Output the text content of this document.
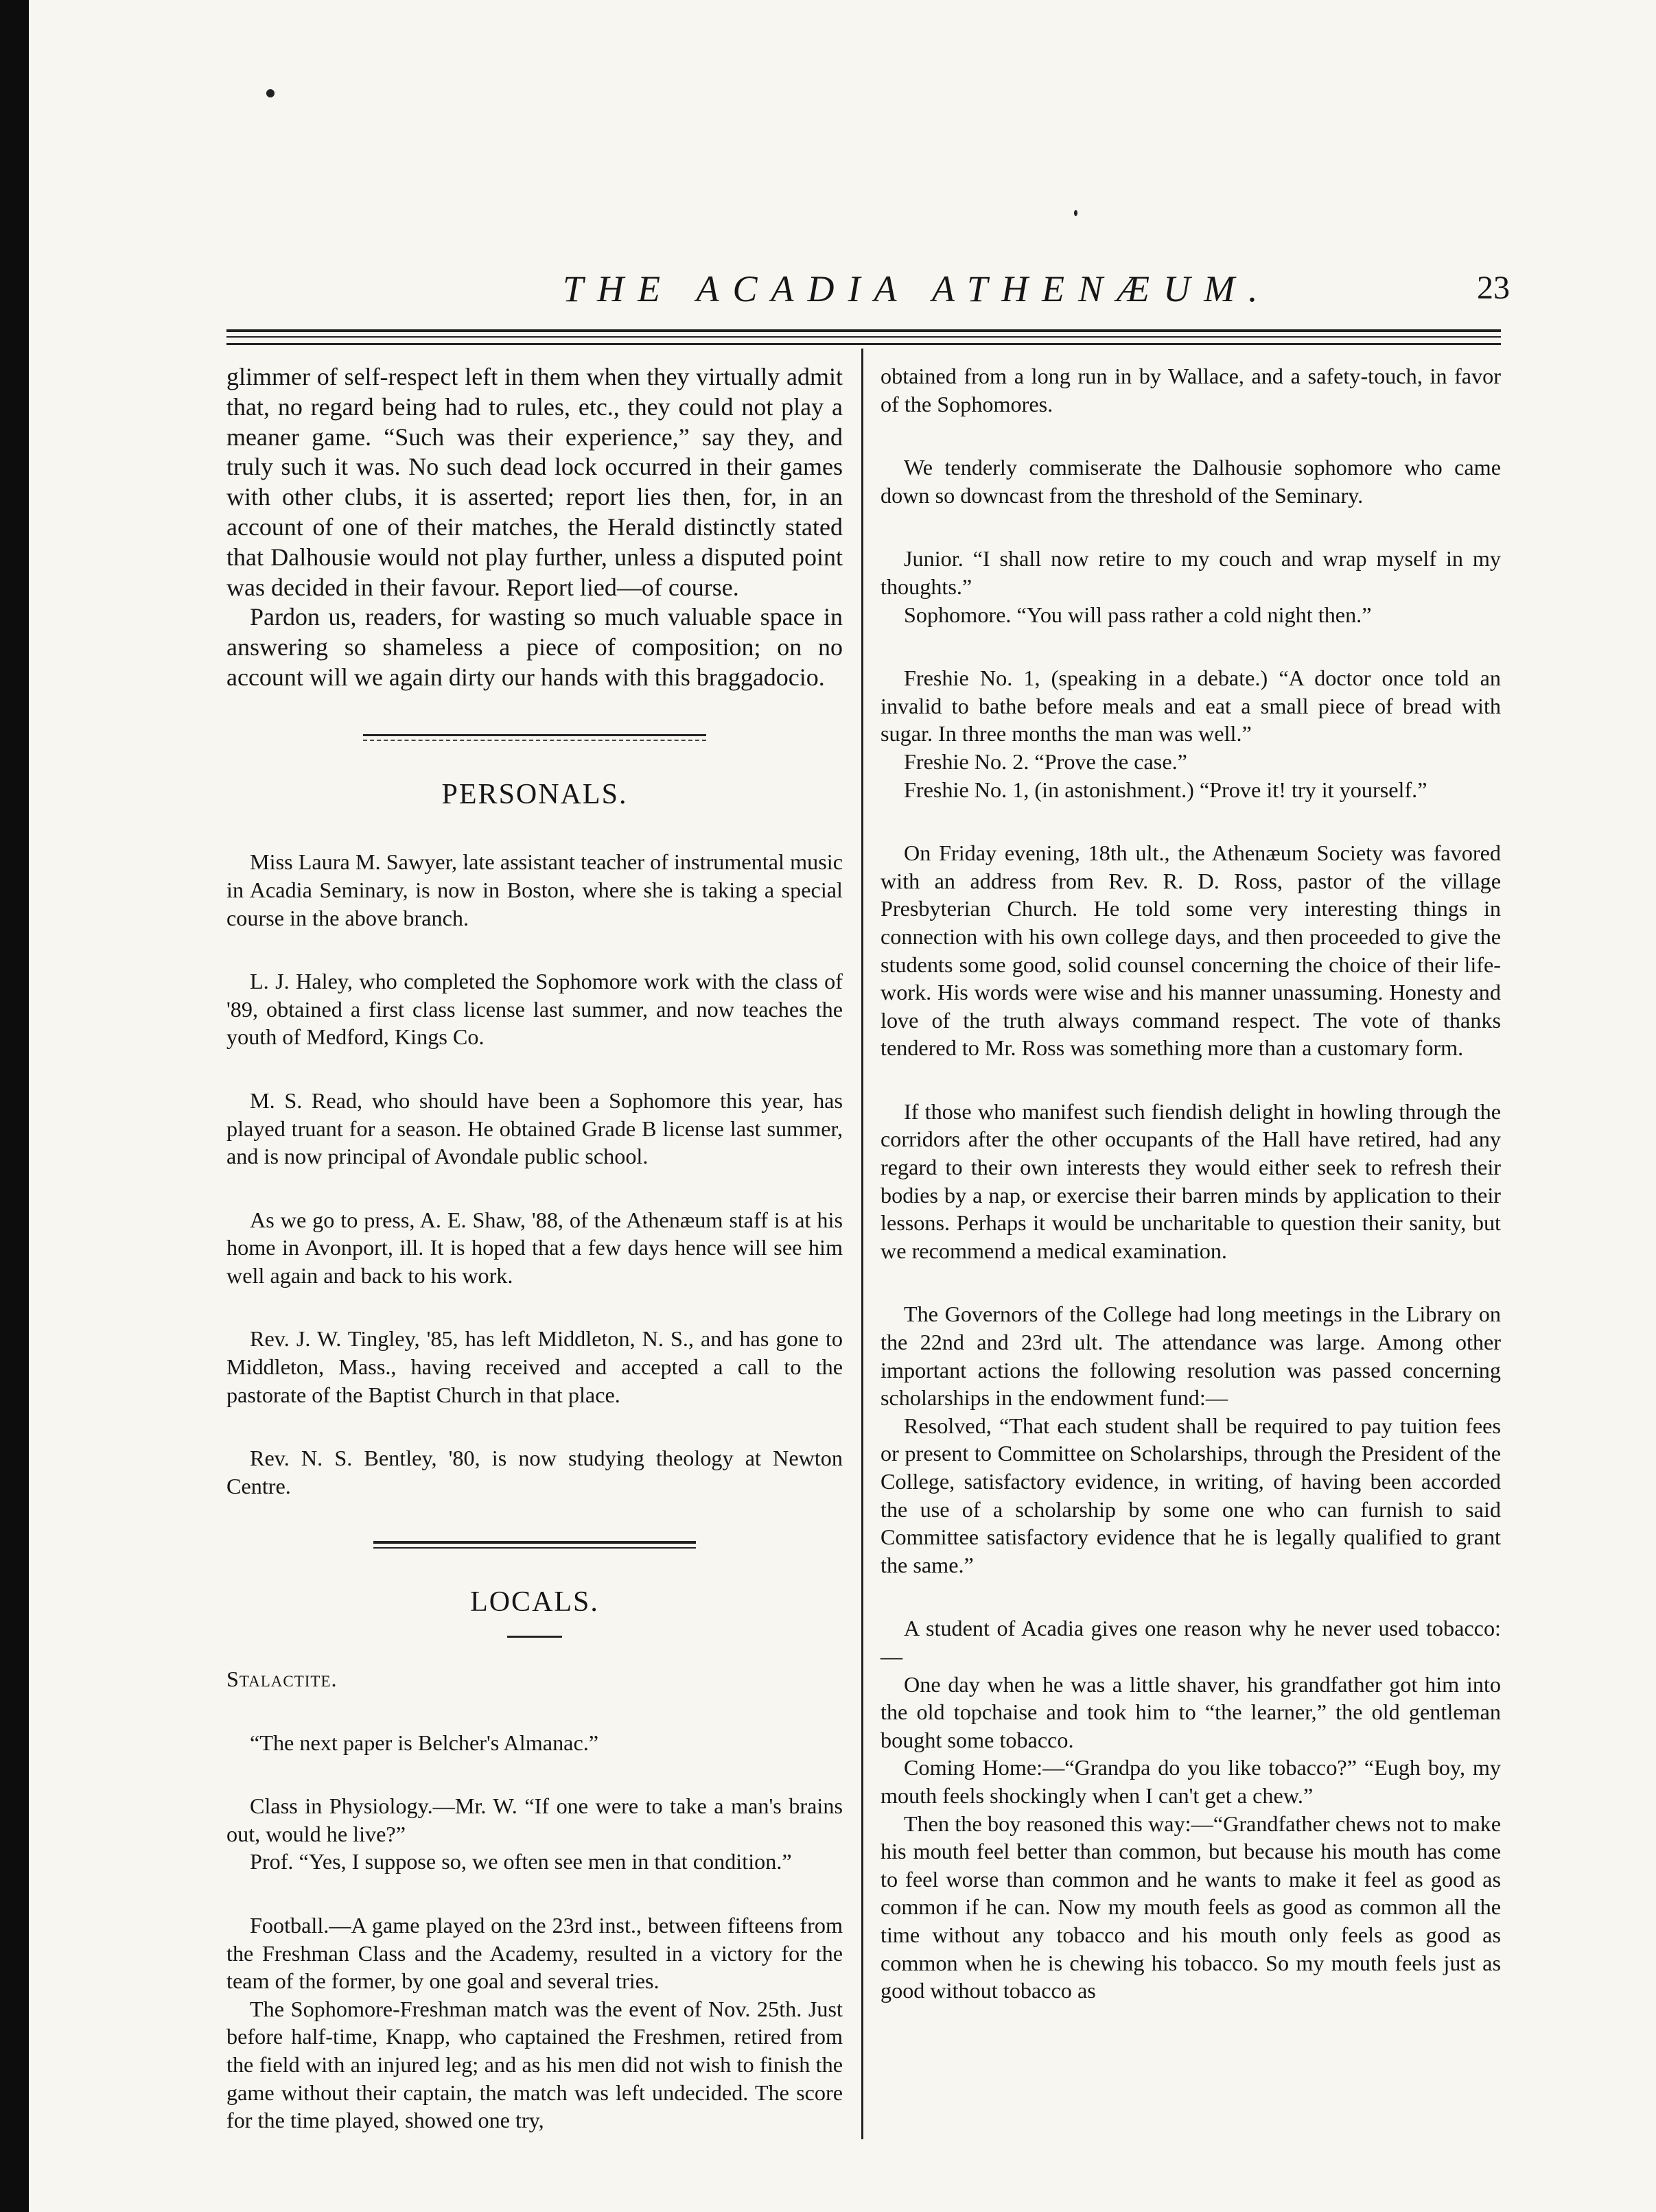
THE ACADIA ATHENÆUM.	23

glimmer of self-respect left in them when they virtually admit that, no regard being had to rules, etc., they could not play a meaner game. “Such was their experience,” say they, and truly such it was. No such dead lock occurred in their games with other clubs, it is asserted; report lies then, for, in an account of one of their matches, the Herald distinctly stated that Dalhousie would not play further, unless a disputed point was decided in their favour. Report lied—of course.

Pardon us, readers, for wasting so much valuable space in answering so shameless a piece of composition; on no account will we again dirty our hands with this braggadocio.

PERSONALS.

Miss Laura M. Sawyer, late assistant teacher of instrumental music in Acadia Seminary, is now in Boston, where she is taking a special course in the above branch.

L. J. Haley, who completed the Sophomore work with the class of '89, obtained a first class license last summer, and now teaches the youth of Medford, Kings Co.

M. S. Read, who should have been a Sophomore this year, has played truant for a season. He obtained Grade B license last summer, and is now principal of Avondale public school.

As we go to press, A. E. Shaw, '88, of the Athenæum staff is at his home in Avonport, ill. It is hoped that a few days hence will see him well again and back to his work.

Rev. J. W. Tingley, '85, has left Middleton, N. S., and has gone to Middleton, Mass., having received and accepted a call to the pastorate of the Baptist Church in that place.

Rev. N. S. Bentley, '80, is now studying theology at Newton Centre.

LOCALS.

Stalactite.

“The next paper is Belcher's Almanac.”

Class in Physiology.—Mr. W. “If one were to take a man's brains out, would he live?”

Prof. “Yes, I suppose so, we often see men in that condition.”

Football.—A game played on the 23rd inst., between fifteens from the Freshman Class and the Academy, resulted in a victory for the team of the former, by one goal and several tries.

The Sophomore-Freshman match was the event of Nov. 25th. Just before half-time, Knapp, who captained the Freshmen, retired from the field with an injured leg; and as his men did not wish to finish the game without their captain, the match was left undecided. The score for the time played, showed one try,

obtained from a long run in by Wallace, and a safety-touch, in favor of the Sophomores.

We tenderly commiserate the Dalhousie sophomore who came down so downcast from the threshold of the Seminary.

Junior. “I shall now retire to my couch and wrap myself in my thoughts.”

Sophomore. “You will pass rather a cold night then.”

Freshie No. 1, (speaking in a debate.) “A doctor once told an invalid to bathe before meals and eat a small piece of bread with sugar. In three months the man was well.”

Freshie No. 2. “Prove the case.”

Freshie No. 1, (in astonishment.) “Prove it! try it yourself.”

On Friday evening, 18th ult., the Athenæum Society was favored with an address from Rev. R. D. Ross, pastor of the village Presbyterian Church. He told some very interesting things in connection with his own college days, and then proceeded to give the students some good, solid counsel concerning the choice of their life-work. His words were wise and his manner unassuming. Honesty and love of the truth always command respect. The vote of thanks tendered to Mr. Ross was something more than a customary form.

If those who manifest such fiendish delight in howling through the corridors after the other occupants of the Hall have retired, had any regard to their own interests they would either seek to refresh their bodies by a nap, or exercise their barren minds by application to their lessons. Perhaps it would be uncharitable to question their sanity, but we recommend a medical examination.

The Governors of the College had long meetings in the Library on the 22nd and 23rd ult. The attendance was large. Among other important actions the following resolution was passed concerning scholarships in the endowment fund:—

Resolved, “That each student shall be required to pay tuition fees or present to Committee on Scholarships, through the President of the College, satisfactory evidence, in writing, of having been accorded the use of a scholarship by some one who can furnish to said Committee satisfactory evidence that he is legally qualified to grant the same.”

A student of Acadia gives one reason why he never used tobacco:—

One day when he was a little shaver, his grandfather got him into the old topchaise and took him to “the learner,” the old gentleman bought some tobacco.

Coming Home:—“Grandpa do you like tobacco?” “Eugh boy, my mouth feels shockingly when I can't get a chew.”

Then the boy reasoned this way:—“Grandfather chews not to make his mouth feel better than common, but because his mouth has come to feel worse than common and he wants to make it feel as good as common if he can. Now my mouth feels as good as common all the time without any tobacco and his mouth only feels as good as common when he is chewing his tobacco. So my mouth feels just as good without tobacco as
